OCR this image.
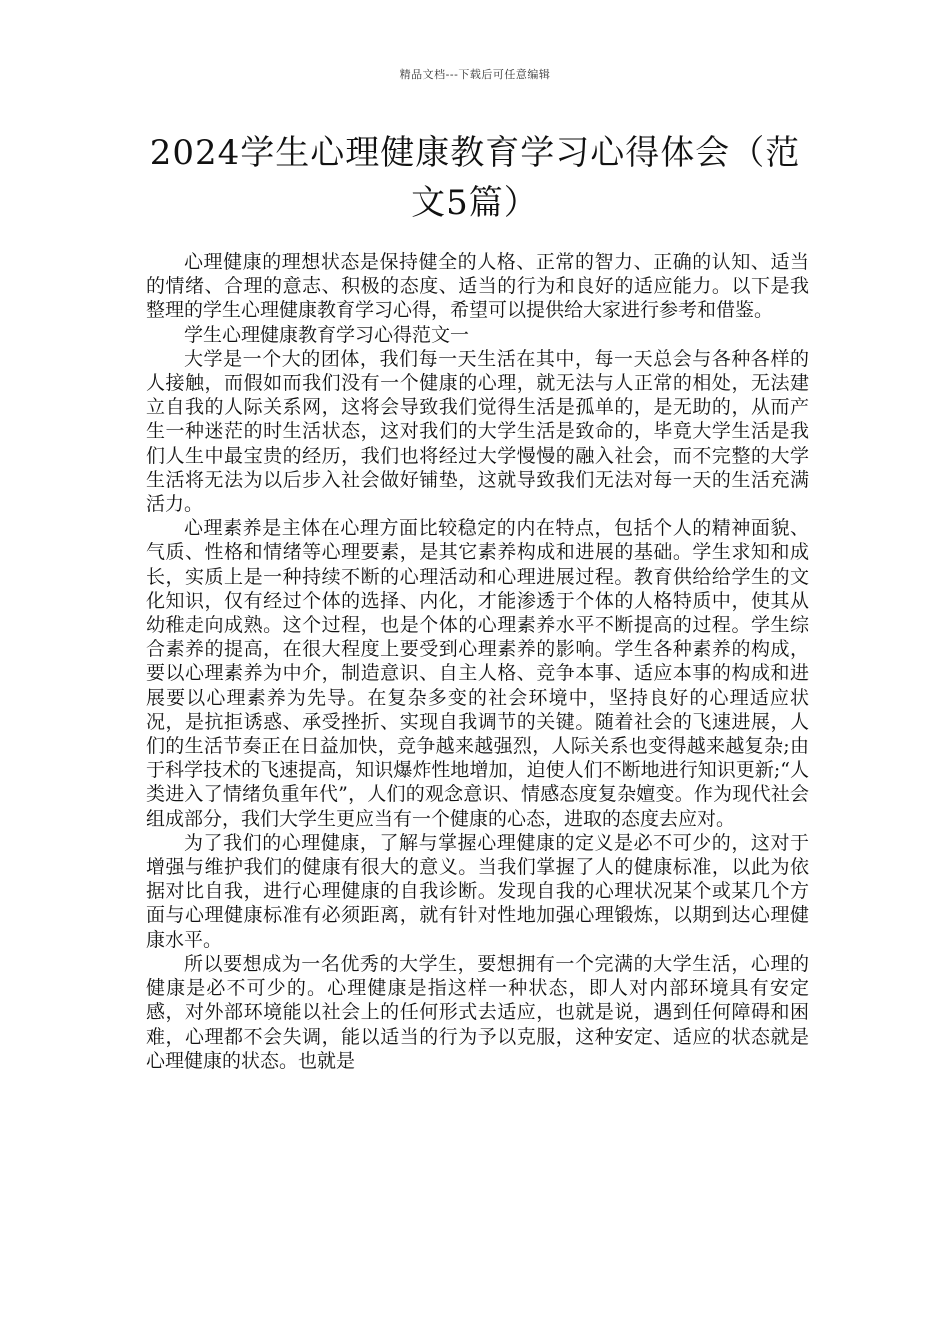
精品文档---下载后可任意编辑
2024学生心理健康教育学习心得体会（范文5篇）

心理健康的理想状态是保持健全的人格、正常的智力、正确的认知、适当的情绪、合理的意志、积极的态度、适当的行为和良好的适应能力。以下是我整理的学生心理健康教育学习心得，希望可以提供给大家进行参考和借鉴。

学生心理健康教育学习心得范文一

大学是一个大的团体，我们每一天生活在其中，每一天总会与各种各样的人接触，而假如而我们没有一个健康的心理，就无法与人正常的相处，无法建立自我的人际关系网，这将会导致我们觉得生活是孤单的，是无助的，从而产生一种迷茫的时生活状态，这对我们的大学生活是致命的，毕竟大学生活是我们人生中最宝贵的经历，我们也将经过大学慢慢的融入社会，而不完整的大学生活将无法为以后步入社会做好铺垫，这就导致我们无法对每一天的生活充满活力。

心理素养是主体在心理方面比较稳定的内在特点，包括个人的精神面貌、气质、性格和情绪等心理要素，是其它素养构成和进展的基础。学生求知和成长，实质上是一种持续不断的心理活动和心理进展过程。教育供给给学生的文化知识，仅有经过个体的选择、内化，才能渗透于个体的人格特质中，使其从幼稚走向成熟。这个过程，也是个体的心理素养水平不断提高的过程。学生综合素养的提高，在很大程度上要受到心理素养的影响。学生各种素养的构成，要以心理素养为中介，制造意识、自主人格、竞争本事、适应本事的构成和进展要以心理素养为先导。在复杂多变的社会环境中，坚持良好的心理适应状况，是抗拒诱惑、承受挫折、实现自我调节的关键。随着社会的飞速进展，人们的生活节奏正在日益加快，竞争越来越强烈，人际关系也变得越来越复杂;由于科学技术的飞速提高，知识爆炸性地增加，迫使人们不断地进行知识更新;“人类进入了情绪负重年代”，人们的观念意识、情感态度复杂嬗变。作为现代社会组成部分，我们大学生更应当有一个健康的心态，进取的态度去应对。

为了我们的心理健康，了解与掌握心理健康的定义是必不可少的，这对于增强与维护我们的健康有很大的意义。当我们掌握了人的健康标准，以此为依据对比自我，进行心理健康的自我诊断。发现自我的心理状况某个或某几个方面与心理健康标准有必须距离，就有针对性地加强心理锻炼，以期到达心理健康水平。

所以要想成为一名优秀的大学生，要想拥有一个完满的大学生活，心理的健康是必不可少的。心理健康是指这样一种状态，即人对内部环境具有安定感，对外部环境能以社会上的任何形式去适应，也就是说，遇到任何障碍和困难，心理都不会失调，能以适当的行为予以克服，这种安定、适应的状态就是心理健康的状态。也就是
